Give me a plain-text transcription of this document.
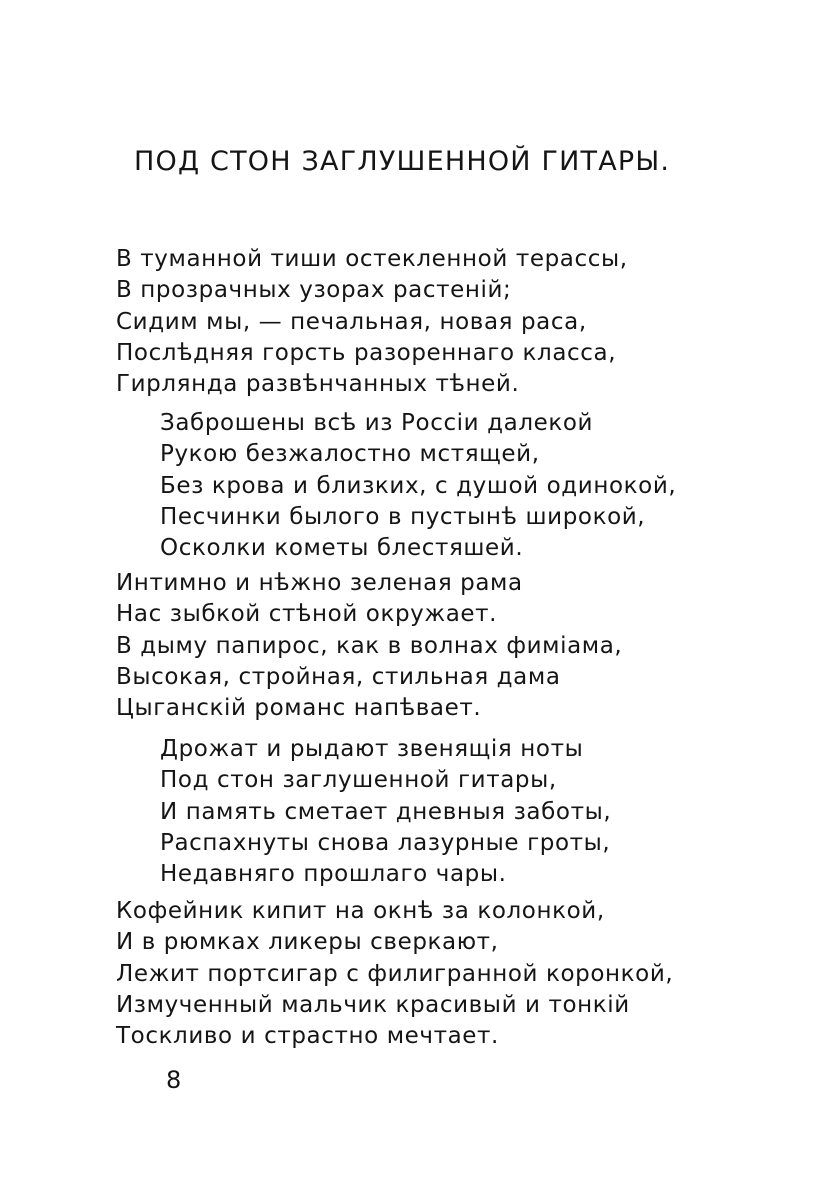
ПОД СТОН ЗАГЛУШЕННОЙ ГИТАРЫ.
В туманной тиши остекленной терассы,
В прозрачных узорах растенiй;
Сидим мы, — печальная, новая раса,
Послѣдняя горсть разореннаго класса,
Гирлянда развѣнчанных тѣней.
Заброшены всѣ из Россiи далекой
Рукою безжалостно мстящей,
Без крова и близких, с душой одинокой,
Песчинки былого в пустынѣ широкой,
Осколки кометы блестяшей.
Интимно и нѣжно зеленая рама
Нас зыбкой стѣной окружает.
В дыму папирос, как в волнах фимiама,
Высокая, стройная, стильная дама
Цыганскiй романс напѣвает.
Дрожат и рыдают звенящiя ноты
Под стон заглушенной гитары,
И память сметает дневныя заботы,
Распахнуты снова лазурные гроты,
Недавняго прошлаго чары.
Кофейник кипит на окнѣ за колонкой,
И в рюмках ликеры сверкают,
Лежит портсигар с филигранной коронкой,
Измученный мальчик красивый и тонкiй
Тоскливо и страстно мечтает.
8
